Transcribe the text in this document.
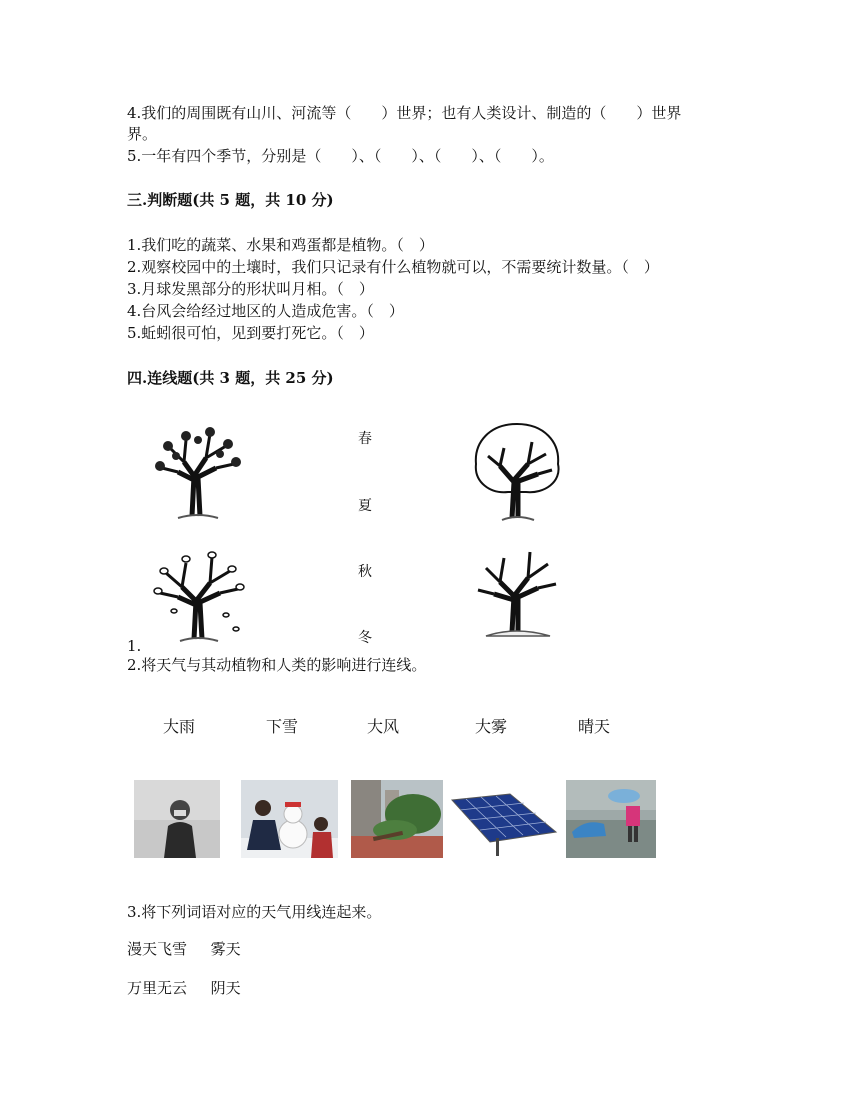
4.我们的周围既有山川、河流等（　　）世界；也有人类设计、制造的（　　）世界
界。
5.一年有四个季节，分别是（　　）、（　　）、（　　）、（　　）。
三.判断题(共 5 题，共 10 分)
1.我们吃的蔬菜、水果和鸡蛋都是植物。（　）
2.观察校园中的土壤时，我们只记录有什么植物就可以，不需要统计数量。（　）
3.月球发黑部分的形状叫月相。（　）
4.台风会给经过地区的人造成危害。（　）
5.蚯蚓很可怕，见到要打死它。（　）
四.连线题(共 3 题，共 25 分)
春
夏
秋
冬
1.
2.将天气与其动植物和人类的影响进行连线。
大雨	下雪	大风	大雾	晴天
3.将下列词语对应的天气用线连起来。
漫天飞雪 雾天
万里无云 阴天
